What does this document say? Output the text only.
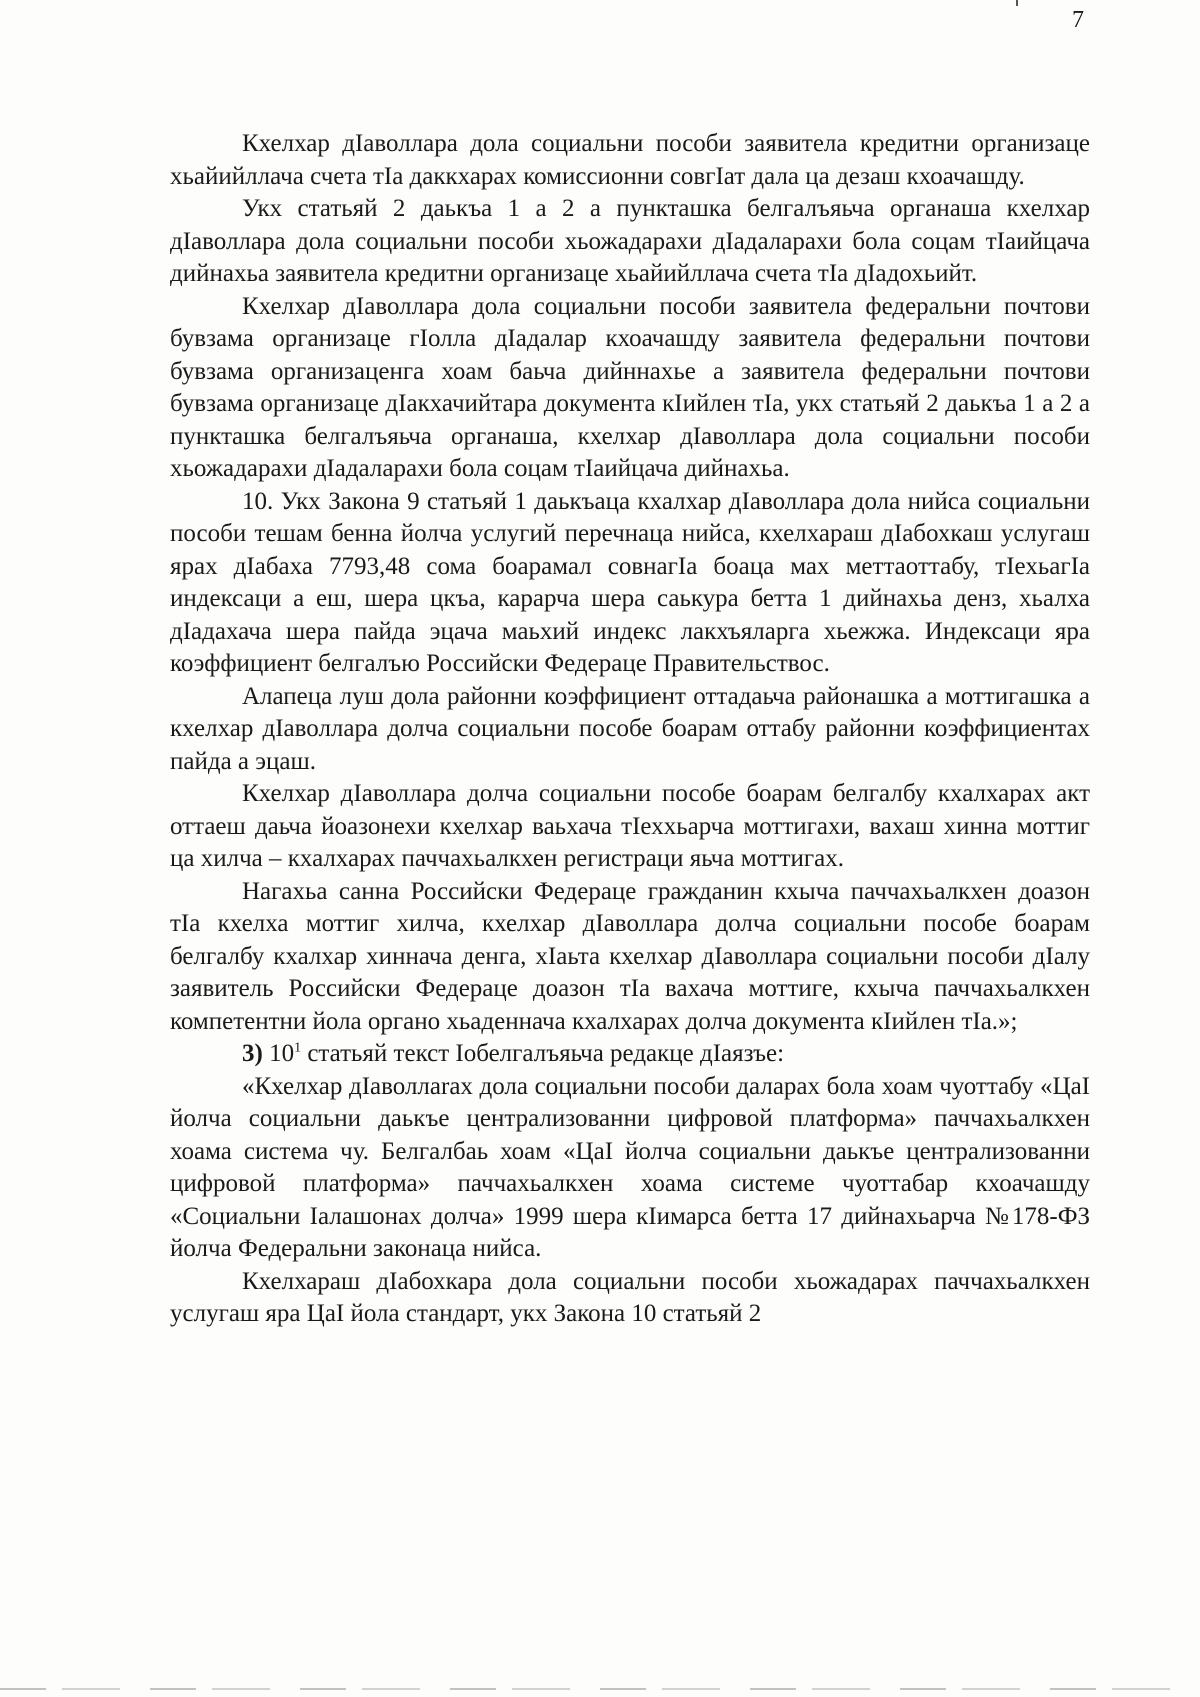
7

Кхелхар дIаволлара дола социальни пособи заявителa кредитни организаце хьайийллача счета тIа даккхарах комиссионни совгIат дала ца дезаш кхоачашду.

Укх статьяй 2 даькъа 1 а 2 а пунктaшка белгалъяьча органаша кхелхар дIаволлара дола социальни пособи хьожадарахи дIадаларахи бола соцам тIаийцача дийнахьа заявителa кредитни организаце хьайийллача счета тIа дIадохьийт.

Кхелхар дIаволлара дола социальни пособи заявителa федеральни почтови бувзама организаце гIолла дIадалар кхоачашду заявителa федеральни почтови бувзама организаценга хоам баьча дийннахье а заявителa федеральни почтови бувзама организаце дIакхачийтара документа кIийлен тIа, укх статьяй 2 даькъа 1 а 2 а пунктaшка белгалъяьча органаша, кхелхар дIаволлара дола социальни пособи хьожадарахи дIадаларахи бола соцам тIаийцача дийнахьа.

10. Укх Закона 9 статьяй 1 даькъаца кхалхар дIаволлара дола нийса социальни пособи тешам бенна йолча услугий перечнаца нийса, кхелхараш дIабохкаш услугаш ярах дIабаха 7793,48 сома боарамал совнагIа боаца мах меттаоттабу, тIехьагIа индексаци а еш, шера цкъа, карарча шера саькура бетта 1 дийнахьа денз, хьалха дIадахача шера пайда эцача маьхий индекс лакхъяларга хьежжа. Индексаци яра коэффициент белгалъю Российски Федераце Правительствос.

Алапеца луш дола районни коэффициент оттадаьча районашка а моттигашка а кхелхар дIаволлара долча социальни пособе боарам оттабу районни коэффициентах пайда а эцаш.

Кхелхар дIаволлара долча социальни пособе боарам белгалбу кхалхарах акт оттаеш даьча йоазонехи кхелхар ваьхача тIеххьарча моттигахи, вахаш хинна моттиг ца хилча – кхалхарах паччахьалкхен регистраци яьча моттигах.

Нагахьа санна Российски Федераце гражданин кхыча паччахьалкхен доазон тIа кхелха моттиг хилча, кхелхар дIаволлара долча социальни пособе боарам белгалбу кхалхар хиннача денга, хIаьта кхелхар дIаволлара социальни пособи дIалу заявитель Российски Федераце доазон тIа вахача моттиге, кхыча паччахьалкхен компетентни йола органо хьаденнача кхалхарах долча документа кIийлен тIа.»;

3) $10^1$ статьяй текст Iобелгалъяьча редакце дIаязъе:

«Кхелхар дIаволлarах дола социальни пособи даларах бола хоам чуоттабу «ЦаI йолча социальни даькъе централизованни цифровой платформа» паччахьалкхен хоама система чу. Белгалбаь хоам «ЦаI йолча социальни даькъе централизованни цифровой платформа» паччахьалкхен хоама системе чуоттабар кхоачашду «Социальни Iалашонах долча» 1999 шера кIимарса бетта 17 дийнахьарча №178-ФЗ йолча Федеральни законаца нийса.

Кхелхараш дIабохкара дола социальни пособи хьожадарах паччахьалкхен услугаш яра ЦаI йола стандарт, укх Закона 10 статьяй 2
